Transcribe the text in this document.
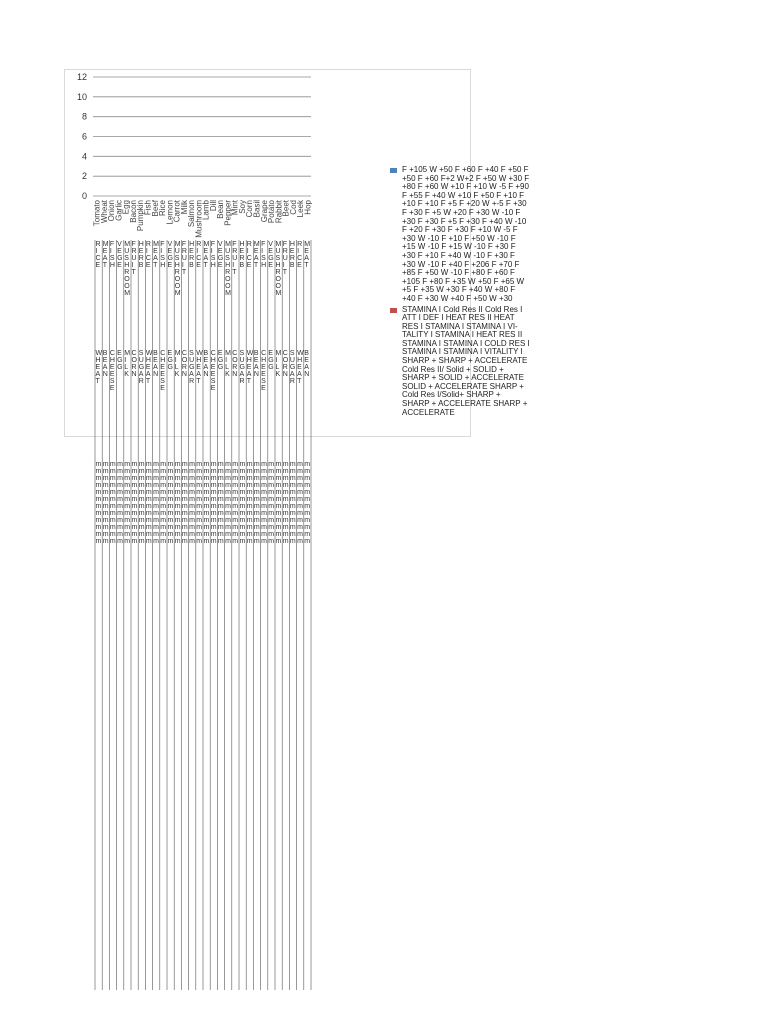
0
2
4
6
8
10
12
Tomato
Wheat
Onion
Garlic
Egg
Bacon
Pumpkin
Fish
Beef
Rice
Lemon
Carrot
Milk
Salmon
Mushroom
Lamb
Dill
Bean
Pepper
Mint
Soy
Corn
Basil
Grape
Potato
Rabbit
Beet
Cod
Leek
Hop
F +105 W +50 F +60 F +40 F +50 F +50 F +60 F+2 W+2 F +50 W +30 F +80 F +60 W +10 F +10 W -5 F +90 F +55 F +40 W +10 F +50 F +10 F +10 F +10 F +5 F +20 W +-5 F +30 F +30 F +5 W +20 F +30 W -10 F +30 F +30 F +5 F +30 F +40 W -10 F +20 F +30 F +30 F +10 W -5 F +30 W -10 F +10 F +50 W -10 F +15 W -10 F +15 W -10 F +30 F +30 F +10 F +40 W -10 F +30 F +30 W -10 F +40 F +206 F +70 F +85 F +50 W -10 F +80 F +60 F +105 F +80 F +35 W +50 F +65 W +5 F +35 W +30 F +40 W +80 F +40 F +30 W +40 F +50 W +30
STAMINA I Cold Res II Cold Res I ATT I DEF I HEAT RES II HEAT RES I STAMINA I STAMINA I VI-TALITY I STAMINA I HEAT RES II STAMINA I STAMINA I COLD RES I STAMINA I STAMINA I VITALITY I SHARP + SHARP + ACCELERATE Cold Res II/ Solid + SOLID + SHARP + SOLID + ACCELERATE SOLID + ACCELERATE SHARP + Cold Res I/Solid+ SHARP + SHARP + ACCELERATE SHARP + ACCELERATE
R I C E
M E A T
F I S H
V E G E
M U S H R O O M
F R U I T
H E R B
R I C E
M E A T
F I S H
V E G E
M U S H R O O M
F R U I T
H E R B
R I C E
M E A T
F I S H
V E G E
M U S H R O O M
F R U I T
H E R B
R I C E
M E A T
F I S H
V E G E
M U S H R O O M
F R U I T
H E R B
R I C E
M E A T
W H E A T
B E A N
C H E E S E
E G G
M I L K
C O R N
S U G A R
W H E A T
B E A N
C H E E S E
E G G
M I L K
C O R N
S U G A R
W H E A T
B E A N
C H E E S E
E G G
M I L K
C O R N
S U G A R
W H E A T
B E A N
C H E E S E
E G G
M I L K
C O R N
S U G A R
W H E A T
B E A N
m m m m m m m m m m m m
m m m m m m m m m m m m
m m m m m m m m m m m m
m m m m m m m m m m m m
m m m m m m m m m m m m
m m m m m m m m m m m m
m m m m m m m m m m m m
m m m m m m m m m m m m
m m m m m m m m m m m m
m m m m m m m m m m m m
m m m m m m m m m m m m
m m m m m m m m m m m m
m m m m m m m m m m m m
m m m m m m m m m m m m
m m m m m m m m m m m m
m m m m m m m m m m m m
m m m m m m m m m m m m
m m m m m m m m m m m m
m m m m m m m m m m m m
m m m m m m m m m m m m
m m m m m m m m m m m m
m m m m m m m m m m m m
m m m m m m m m m m m m
m m m m m m m m m m m m
m m m m m m m m m m m m
m m m m m m m m m m m m
m m m m m m m m m m m m
m m m m m m m m m m m m
m m m m m m m m m m m m
m m m m m m m m m m m m
